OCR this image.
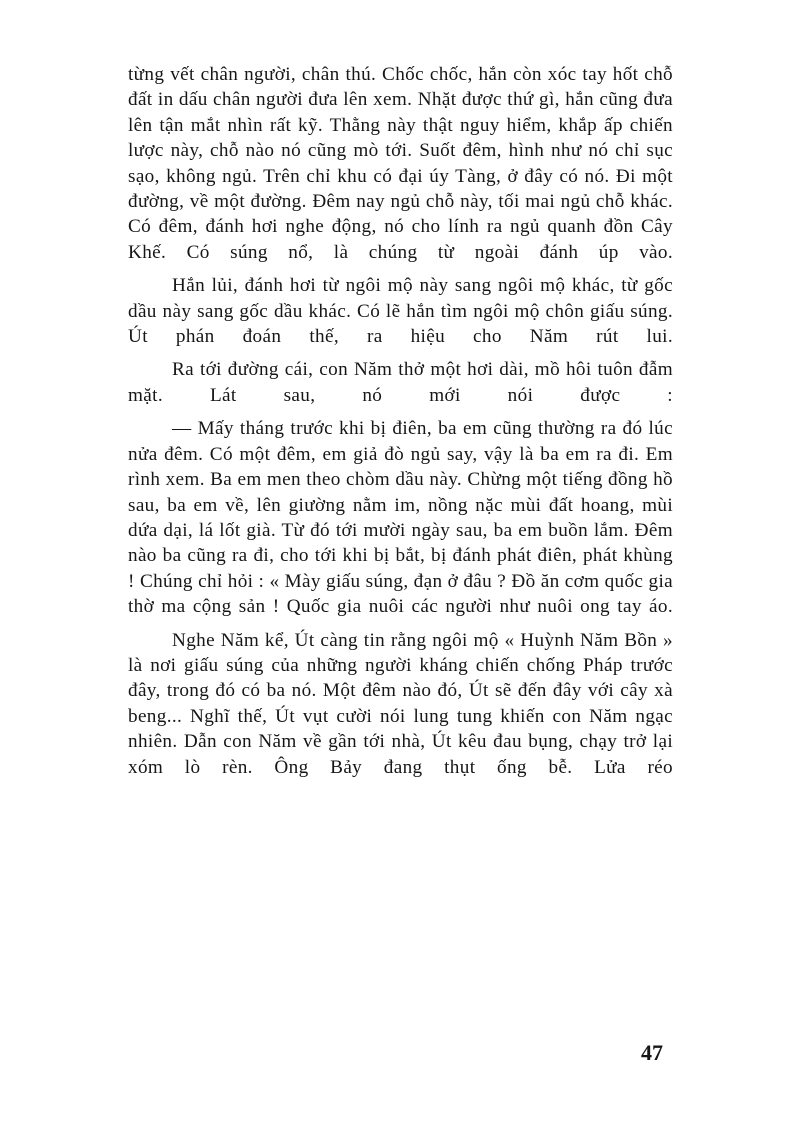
từng vết chân người, chân thú. Chốc chốc, hắn còn xóc tay hốt chỗ đất in dấu chân người đưa lên xem. Nhặt được thứ gì, hắn cũng đưa lên tận mắt nhìn rất kỹ. Thằng này thật nguy hiểm, khắp ấp chiến lược này, chỗ nào nó cũng mò tới. Suốt đêm, hình như nó chỉ sục sạo, không ngủ. Trên chỉ khu có đại úy Tàng, ở đây có nó. Đi một đường, về một đường. Đêm nay ngủ chỗ này, tối mai ngủ chỗ khác. Có đêm, đánh hơi nghe động, nó cho lính ra ngủ quanh đồn Cây Khế. Có súng nổ, là chúng từ ngoài đánh úp vào.

Hắn lủi, đánh hơi từ ngôi mộ này sang ngôi mộ khác, từ gốc dầu này sang gốc dầu khác. Có lẽ hắn tìm ngôi mộ chôn giấu súng. Út phán đoán thế, ra hiệu cho Năm rút lui.

Ra tới đường cái, con Năm thở một hơi dài, mồ hôi tuôn đẫm mặt. Lát sau, nó mới nói được :

— Mấy tháng trước khi bị điên, ba em cũng thường ra đó lúc nửa đêm. Có một đêm, em giả đò ngủ say, vậy là ba em ra đi. Em rình xem. Ba em men theo chòm dầu này. Chừng một tiếng đồng hồ sau, ba em về, lên giường nằm im, nồng nặc mùi đất hoang, mùi dứa dại, lá lốt già. Từ đó tới mười ngày sau, ba em buồn lắm. Đêm nào ba cũng ra đi, cho tới khi bị bắt, bị đánh phát điên, phát khùng ! Chúng chỉ hỏi : « Mày giấu súng, đạn ở đâu ? Đồ ăn cơm quốc gia thờ ma cộng sản ! Quốc gia nuôi các người như nuôi ong tay áo.

Nghe Năm kể, Út càng tin rằng ngôi mộ « Huỳnh Năm Bồn » là nơi giấu súng của những người kháng chiến chống Pháp trước đây, trong đó có ba nó. Một đêm nào đó, Út sẽ đến đây với cây xà beng... Nghĩ thế, Út vụt cười nói lung tung khiến con Năm ngạc nhiên. Dẫn con Năm về gần tới nhà, Út kêu đau bụng, chạy trở lại xóm lò rèn. Ông Bảy đang thụt ống bễ. Lửa réo

47
